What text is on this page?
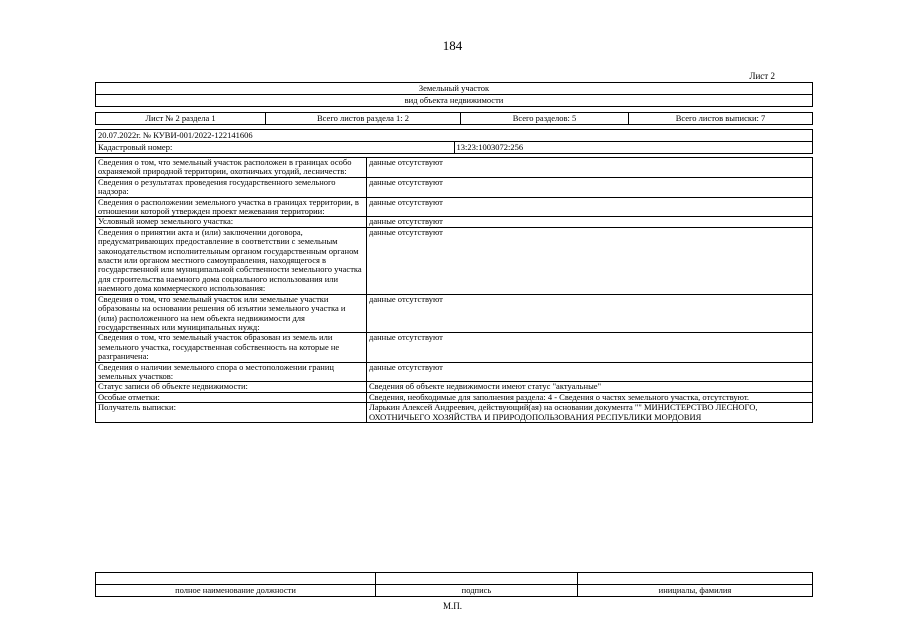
184
Лист 2
Земельный участок
вид объекта недвижимости
Лист № 2 раздела 1	Всего листов раздела 1: 2	Всего разделов: 5	Всего листов выписки: 7
20.07.2022г. № КУВИ-001/2022-122141606
Кадастровый номер:	13:23:1003072:256
Сведения о том, что земельный участок расположен в границах особо охраняемой природной территории, охотничьих угодий, лесничеств:	данные отсутствуют
Сведения о результатах проведения государственного земельного надзора:	данные отсутствуют
Сведения о расположении земельного участка в границах территории, в отношении которой утвержден проект межевания территории:	данные отсутствуют
Условный номер земельного участка:	данные отсутствуют
Сведения о принятии акта и (или) заключении договора, предусматривающих предоставление в соответствии с земельным законодательством исполнительным органом государственным органом власти или органом местного самоуправления, находящегося в государственной или муниципальной собственности земельного участка для строительства наемного дома социального использования или наемного дома коммерческого использования:	данные отсутствуют
Сведения о том, что земельный участок или земельные участки образованы на основании решения об изъятии земельного участка и (или) расположенного на нем объекта недвижимости для государственных или муниципальных нужд:	данные отсутствуют
Сведения о том, что земельный участок образован из земель или земельного участка, государственная собственность на которые не разграничена:	данные отсутствуют
Сведения о наличии земельного спора о местоположении границ земельных участков:	данные отсутствуют
Статус записи об объекте недвижимости:	Сведения об объекте недвижимости имеют статус "актуальные"
Особые отметки:	Сведения, необходимые для заполнения раздела: 4 - Сведения о частях земельного участка, отсутствуют.
Получатель выписки:	Ларькин Алексей Андреевич, действующий(ая) на основании документа "" МИНИСТЕРСТВО ЛЕСНОГО, ОХОТНИЧЬЕГО ХОЗЯЙСТВА И ПРИРОДОПОЛЬЗОВАНИЯ РЕСПУБЛИКИ МОРДОВИЯ

полное наименование должности	подпись	инициалы, фамилия
М.П.
